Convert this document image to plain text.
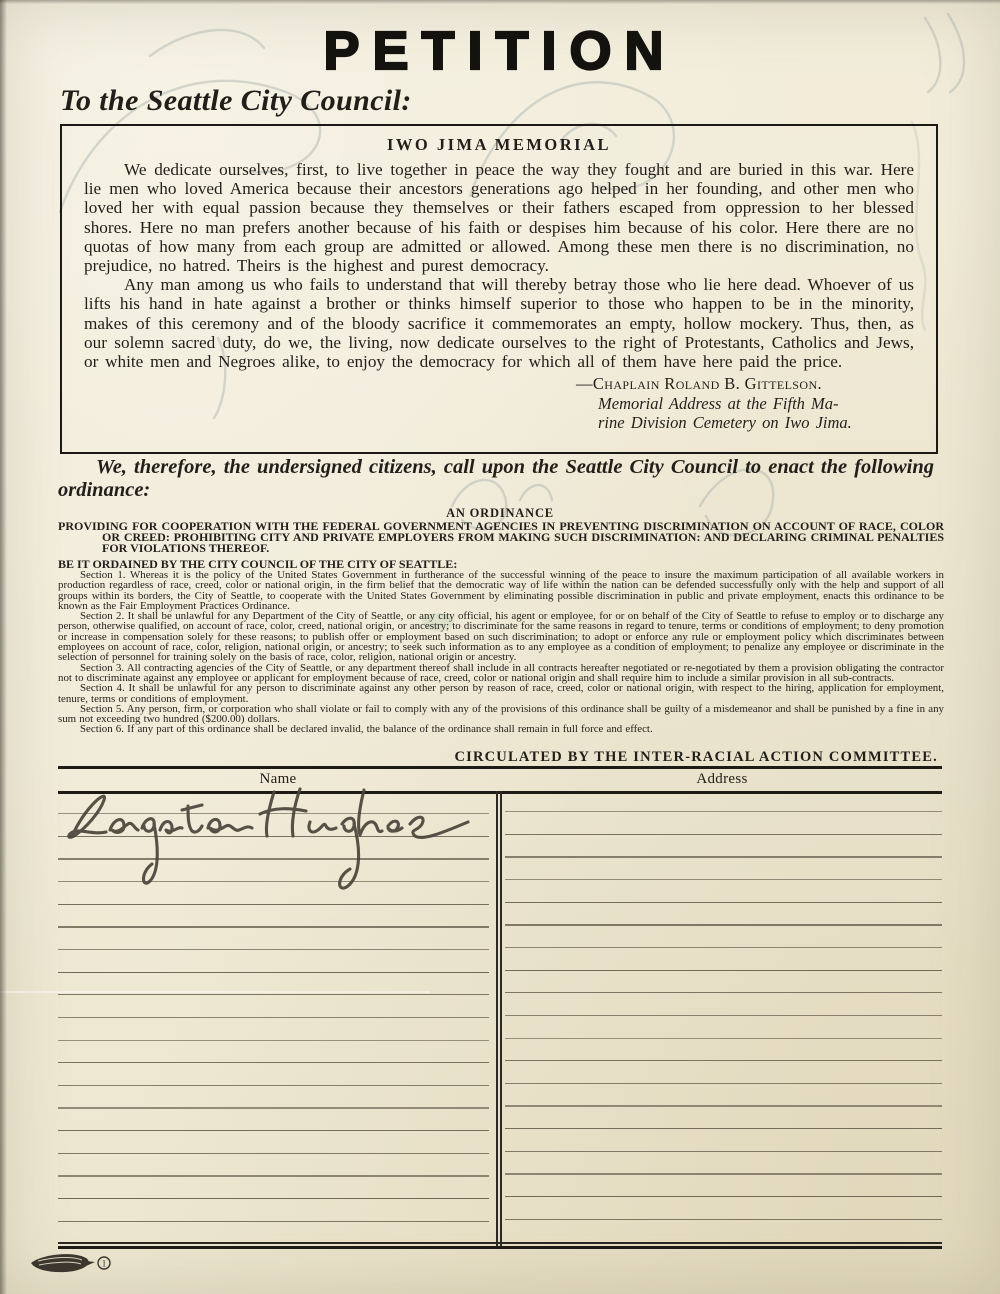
PETITION
To the Seattle City Council:
IWO JIMA MEMORIAL

We dedicate ourselves, first, to live together in peace the way they fought and are buried in this war. Here lie men who loved America because their ancestors generations ago helped in her founding, and other men who loved her with equal passion because they themselves or their fathers escaped from oppression to her blessed shores. Here no man prefers another because of his faith or despises him because of his color. Here there are no quotas of how many from each group are admitted or allowed. Among these men there is no discrimination, no prejudice, no hatred. Theirs is the highest and purest democracy.

Any man among us who fails to understand that will thereby betray those who lie here dead. Whoever of us lifts his hand in hate against a brother or thinks himself superior to those who happen to be in the minority, makes of this ceremony and of the bloody sacrifice it commemorates an empty, hollow mockery. Thus, then, as our solemn sacred duty, do we, the living, now dedicate ourselves to the right of Protestants, Catholics and Jews, or white men and Negroes alike, to enjoy the democracy for which all of them have here paid the price.

—Chaplain Roland B. Gittelson.
Memorial Address at the Fifth Ma-
rine Division Cemetery on Iwo Jima.

We, therefore, the undersigned citizens, call upon the Seattle City Council to enact the following ordinance:

AN ORDINANCE

PROVIDING FOR COOPERATION WITH THE FEDERAL GOVERNMENT AGENCIES IN PREVENTING DISCRIMINATION ON ACCOUNT OF RACE, COLOR OR CREED: PROHIBITING CITY AND PRIVATE EMPLOYERS FROM MAKING SUCH DISCRIMINATION: AND DECLARING CRIMINAL PENALTIES FOR VIOLATIONS THEREOF.

BE IT ORDAINED BY THE CITY COUNCIL OF THE CITY OF SEATTLE:

Section 1. Whereas it is the policy of the United States Government in furtherance of the successful winning of the peace to insure the maximum participation of all available workers in production regardless of race, creed, color or national origin, in the firm belief that the democratic way of life within the nation can be defended successfully only with the help and support of all groups within its borders, the City of Seattle, to cooperate with the United States Government by eliminating possible discrimination in public and private employment, enacts this ordinance to be known as the Fair Employment Practices Ordinance.

Section 2. It shall be unlawful for any Department of the City of Seattle, or any city official, his agent or employee, for or on behalf of the City of Seattle to refuse to employ or to discharge any person, otherwise qualified, on account of race, color, creed, national origin, or ancestry; to discriminate for the same reasons in regard to tenure, terms or conditions of employment; to deny promotion or increase in compensation solely for these reasons; to publish offer or employment based on such discrimination; to adopt or enforce any rule or employment policy which discriminates between employees on account of race, color, religion, national origin, or ancestry; to seek such information as to any employee as a condition of employment; to penalize any employee or discriminate in the selection of personnel for training solely on the basis of race, color, religion, national origin or ancestry.

Section 3. All contracting agencies of the City of Seattle, or any department thereof shall include in all contracts hereafter negotiated or re-negotiated by them a provision obligating the contractor not to discriminate against any employee or applicant for employment because of race, creed, color or national origin and shall require him to include a similar provision in all sub-contracts.

Section 4. It shall be unlawful for any person to discriminate against any other person by reason of race, creed, color or national origin, with respect to the hiring, application for employment, tenure, terms or conditions of employment.

Section 5. Any person, firm, or corporation who shall violate or fail to comply with any of the provisions of this ordinance shall be guilty of a misdemeanor and shall be punished by a fine in any sum not exceeding two hundred ($200.00) dollars.

Section 6. If any part of this ordinance shall be declared invalid, the balance of the ordinance shall remain in full force and effect.

CIRCULATED BY THE INTER-RACIAL ACTION COMMITTEE.
Name	Address
1
